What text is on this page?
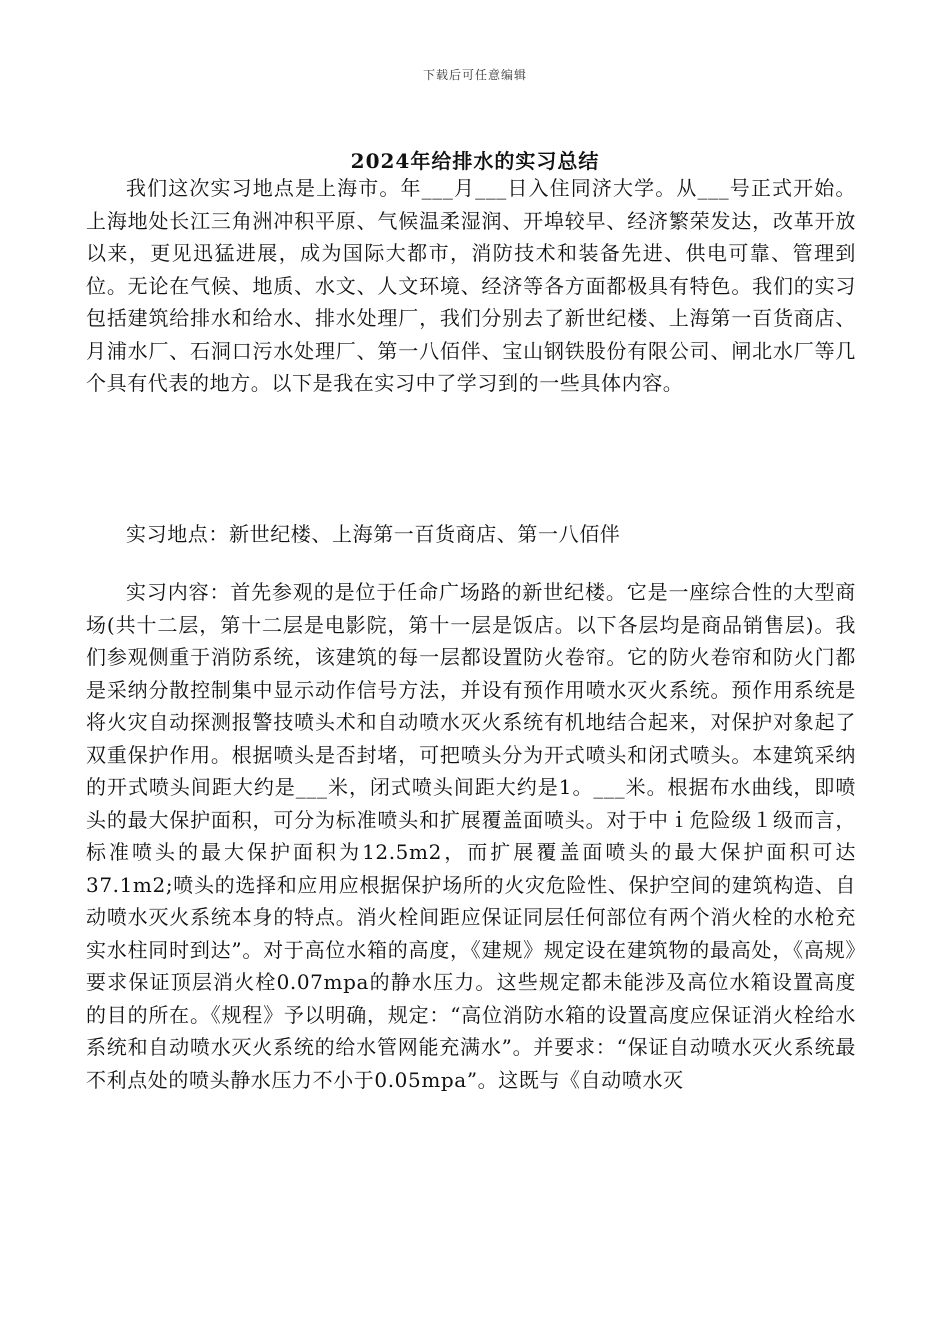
下载后可任意编辑
2024年给排水的实习总结

我们这次实习地点是上海市。年___月___日入住同济大学。从___号正式开始。上海地处长江三角洲冲积平原、气候温柔湿润、开埠较早、经济繁荣发达，改革开放以来，更见迅猛进展，成为国际大都市，消防技术和装备先进、供电可靠、管理到位。无论在气候、地质、水文、人文环境、经济等各方面都极具有特色。我们的实习包括建筑给排水和给水、排水处理厂，我们分别去了新世纪楼、上海第一百货商店、月浦水厂、石洞口污水处理厂、第一八佰伴、宝山钢铁股份有限公司、闸北水厂等几个具有代表的地方。以下是我在实习中了学习到的一些具体内容。

实习地点：新世纪楼、上海第一百货商店、第一八佰伴

实习内容：首先参观的是位于任命广场路的新世纪楼。它是一座综合性的大型商场(共十二层，第十二层是电影院，第十一层是饭店。以下各层均是商品销售层)。我们参观侧重于消防系统，该建筑的每一层都设置防火卷帘。它的防火卷帘和防火门都是采纳分散控制集中显示动作信号方法，并设有预作用喷水灭火系统。预作用系统是将火灾自动探测报警技喷头术和自动喷水灭火系统有机地结合起来，对保护对象起了双重保护作用。根据喷头是否封堵，可把喷头分为开式喷头和闭式喷头。本建筑采纳的开式喷头间距大约是___米，闭式喷头间距大约是1。___米。根据布水曲线，即喷头的最大保护面积，可分为标准喷头和扩展覆盖面喷头。对于中ｉ危险级１级而言，标准喷头的最大保护面积为12.5m2，而扩展覆盖面喷头的最大保护面积可达37.1m2;喷头的选择和应用应根据保护场所的火灾危险性、保护空间的建筑构造、自动喷水灭火系统本身的特点。消火栓间距应保证同层任何部位有两个消火栓的水枪充实水柱同时到达”。对于高位水箱的高度，《建规》规定设在建筑物的最高处，《高规》要求保证顶层消火栓0.07mpa的静水压力。这些规定都未能涉及高位水箱设置高度的目的所在。《规程》予以明确，规定：“高位消防水箱的设置高度应保证消火栓给水系统和自动喷水灭火系统的给水管网能充满水”。并要求：“保证自动喷水灭火系统最不利点处的喷头静水压力不小于0.05mpa”。这既与《自动喷水灭
